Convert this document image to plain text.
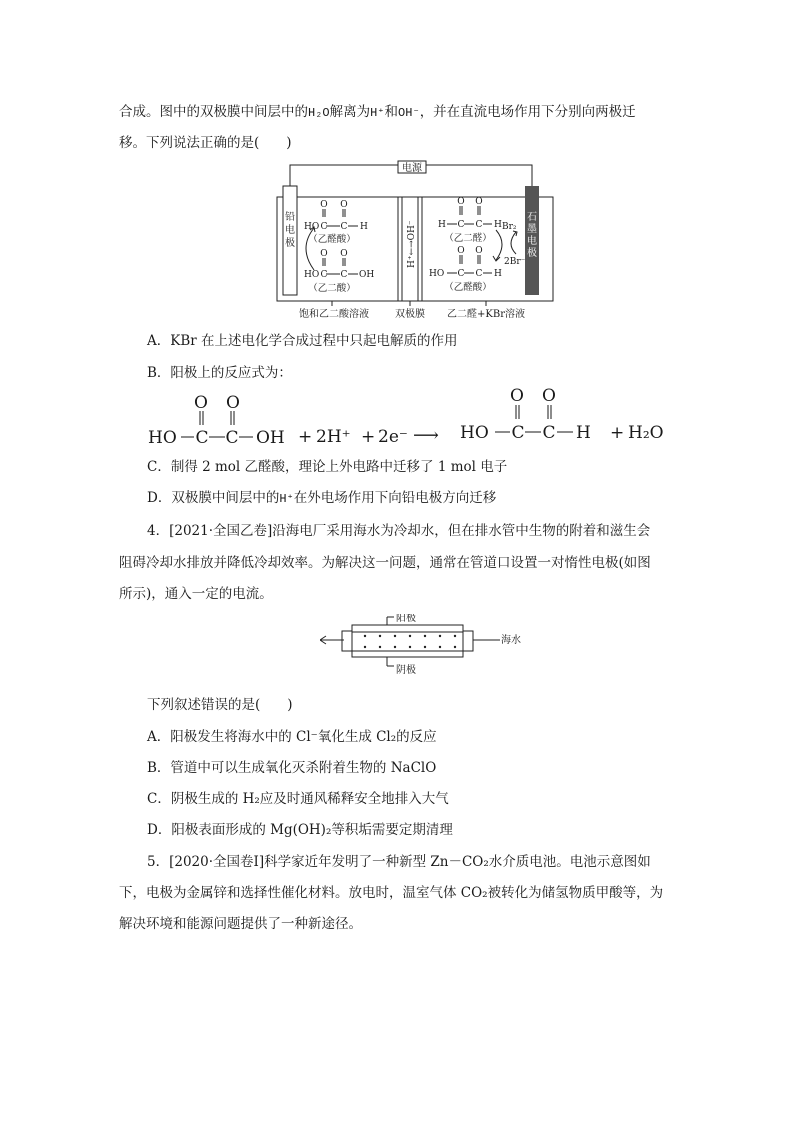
合成。图中的双极膜中间层中的H₂O解离为H⁺和OH⁻，并在直流电场作用下分别向两极迁
移。下列说法正确的是(　　)
电源
铅
电
极
石
墨
电
极
O O
HO C C H
（乙醛酸）
O O
HO C C OH
（乙二酸）
H⁺←→OH⁻
O O
H C C H
（乙二醛）
Br₂
2Br⁻
O O
HO C C H
（乙醛酸）
饱和乙二酸溶液	双极膜 乙二醛+KBr溶液
A．KBr 在上述电化学合成过程中只起电解质的作用
B．阳极上的反应式为：
O O
HO C C OH + 2H⁺ + 2e⁻ ⟶ HO
O O
C C H + H₂O
C．制得 2 mol 乙醛酸，理论上外电路中迁移了 1 mol 电子
D．双极膜中间层中的H⁺在外电场作用下向铅电极方向迁移
4．[2021·全国乙卷]沿海电厂采用海水为冷却水，但在排水管中生物的附着和滋生会
阻碍冷却水排放并降低冷却效率。为解决这一问题，通常在管道口设置一对惰性电极(如图
所示)，通入一定的电流。
阳极
海水
阴极
下列叙述错误的是(　　)
A．阳极发生将海水中的 Cl⁻氧化生成 Cl₂的反应
B．管道中可以生成氧化灭杀附着生物的 NaClO
C．阴极生成的 H₂应及时通风稀释安全地排入大气
D．阳极表面形成的 Mg(OH)₂等积垢需要定期清理
5．[2020·全国卷Ⅰ]科学家近年发明了一种新型 Zn－CO₂水介质电池。电池示意图如
下，电极为金属锌和选择性催化材料。放电时，温室气体 CO₂被转化为储氢物质甲酸等，为
解决环境和能源问题提供了一种新途径。
